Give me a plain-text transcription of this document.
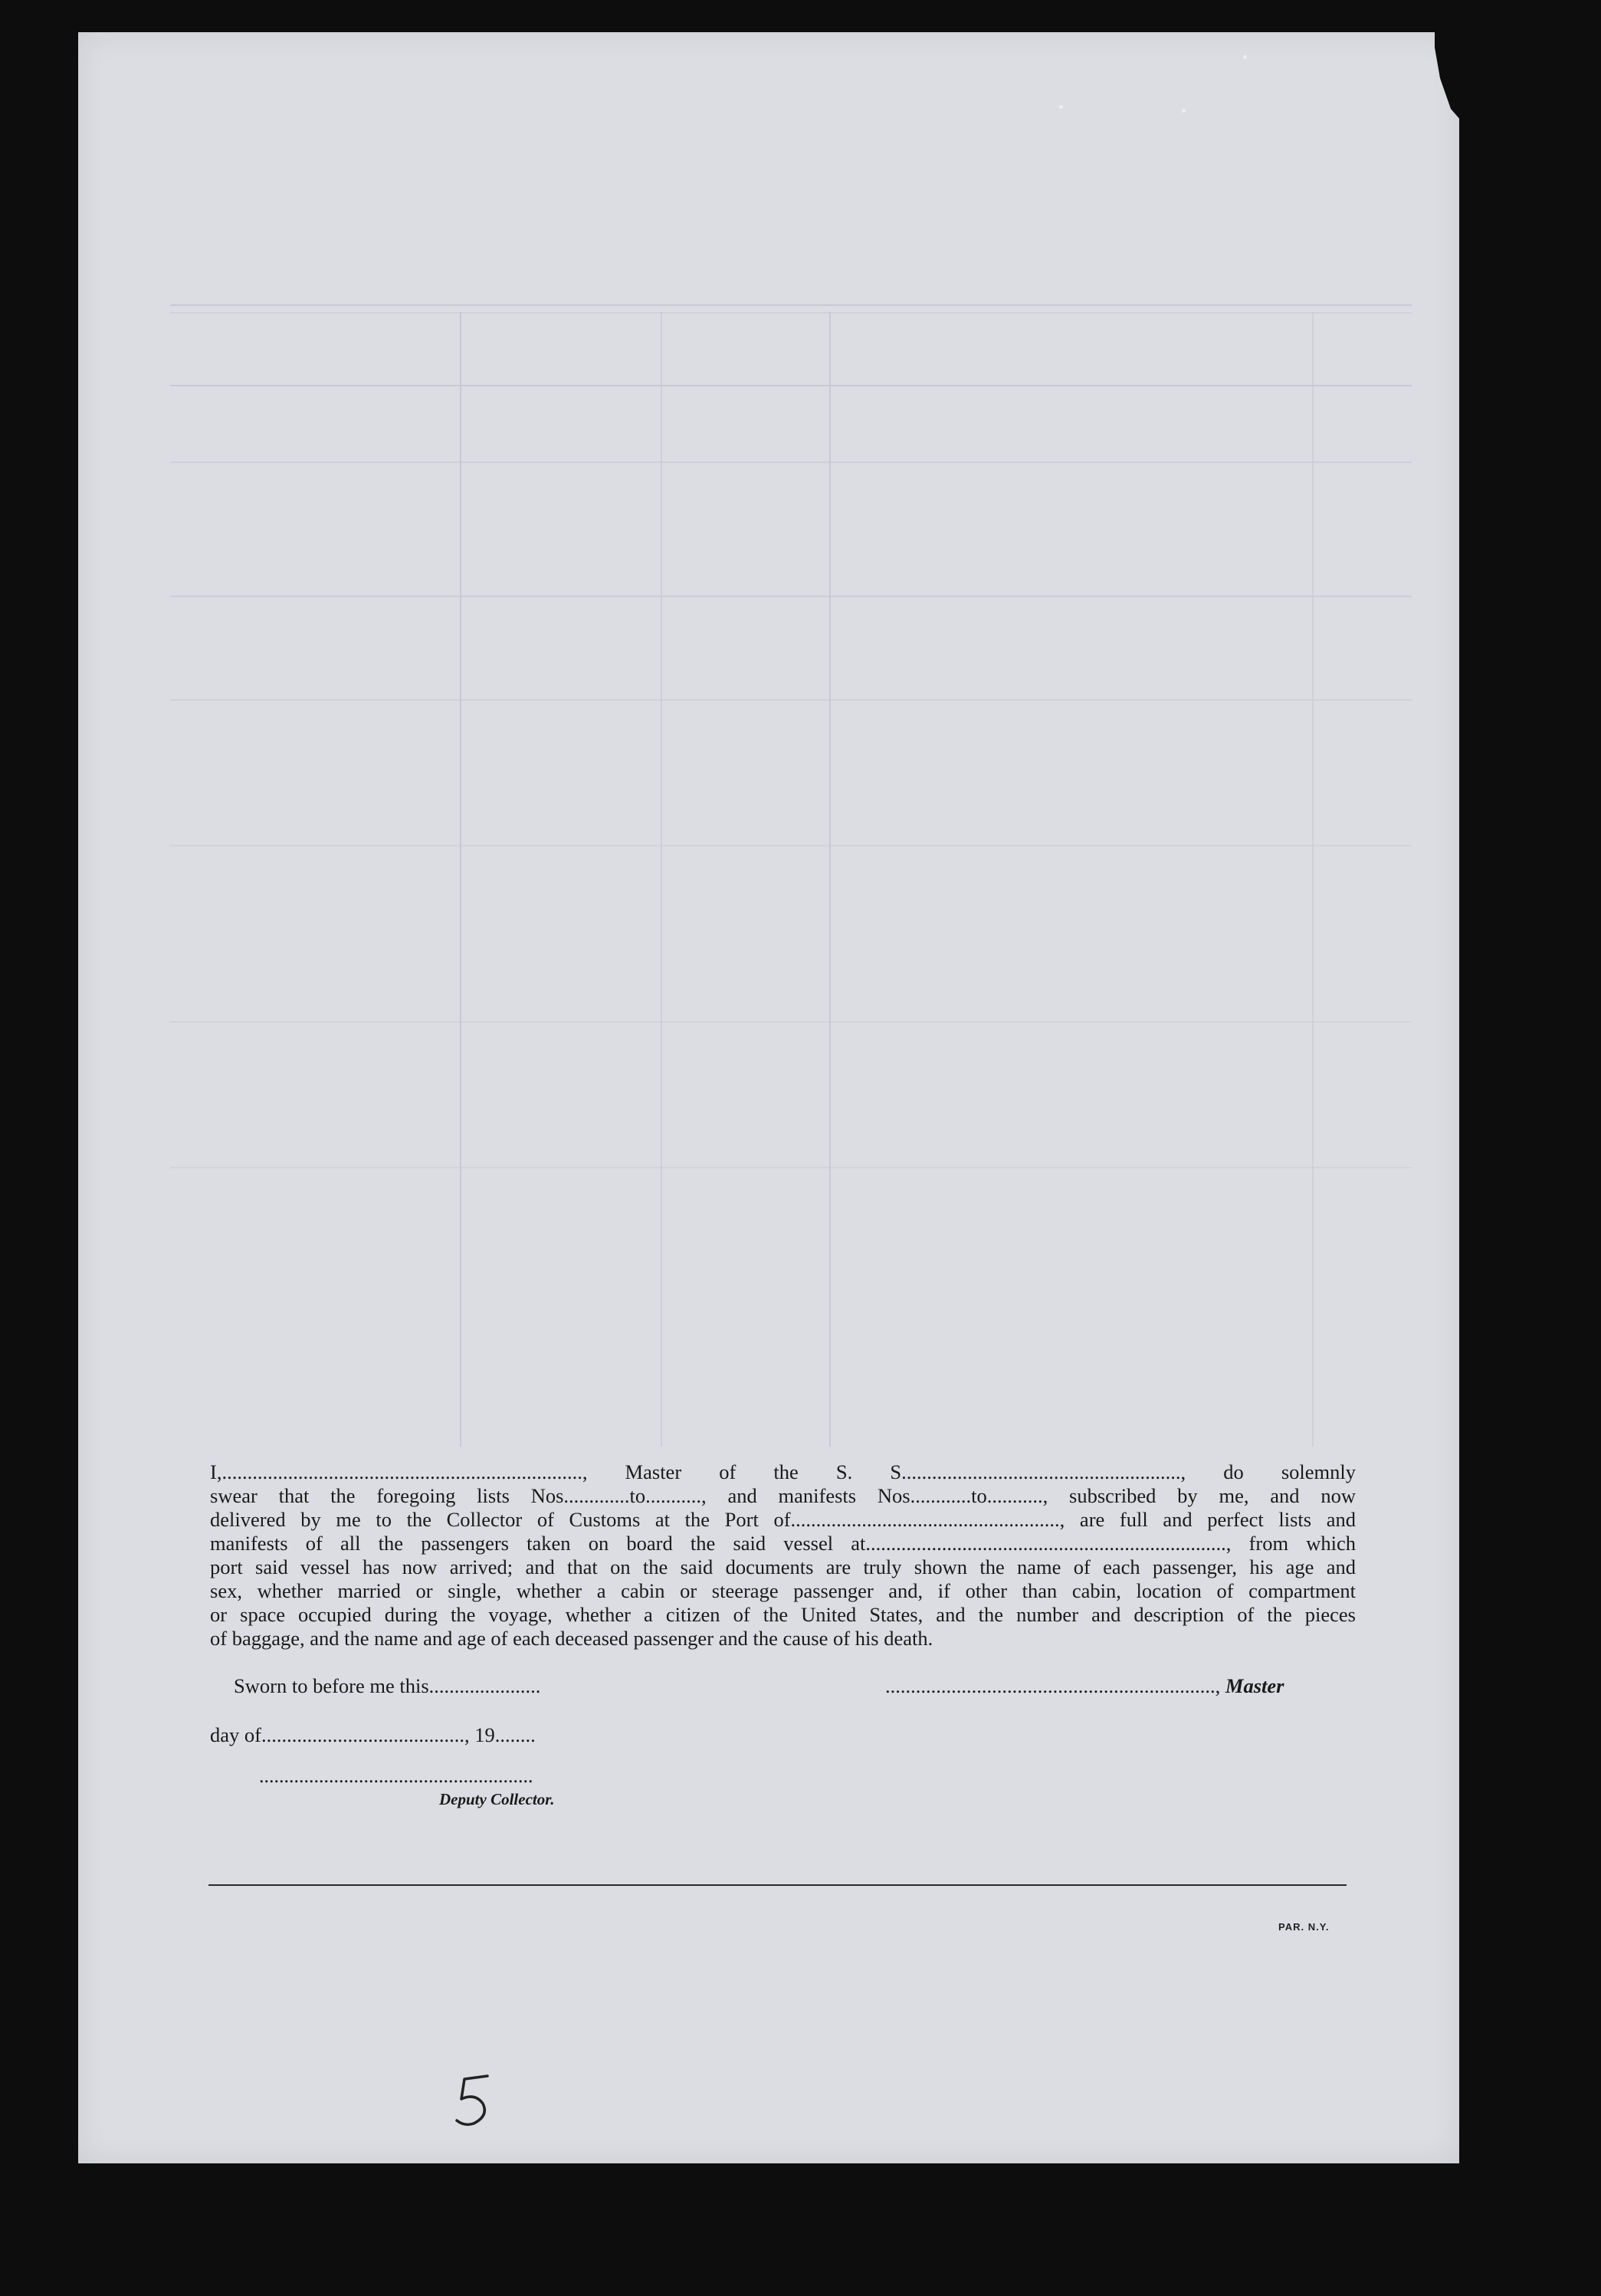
I,......................................................................., Master of the S. S......................................................., do solemnly
swear that the foregoing lists Nos.............to..........., and manifests Nos............to..........., subscribed by me, and now
delivered by me to the Collector of Customs at the Port of....................................................., are full and perfect lists and
manifests of all the passengers taken on board the said vessel at......................................................................., from which
port said vessel has now arrived; and that on the said documents are truly shown the name of each passenger, his age and
sex, whether married or single, whether a cabin or steerage passenger and, if other than cabin, location of compartment
or space occupied during the voyage, whether a citizen of the United States, and the number and description of the pieces
of baggage, and the name and age of each deceased passenger and the cause of his death.
Sworn to before me this......................	................................................................., Master
day of........................................, 19........
.......................................................
Deputy Collector.
PAR. N.Y.
